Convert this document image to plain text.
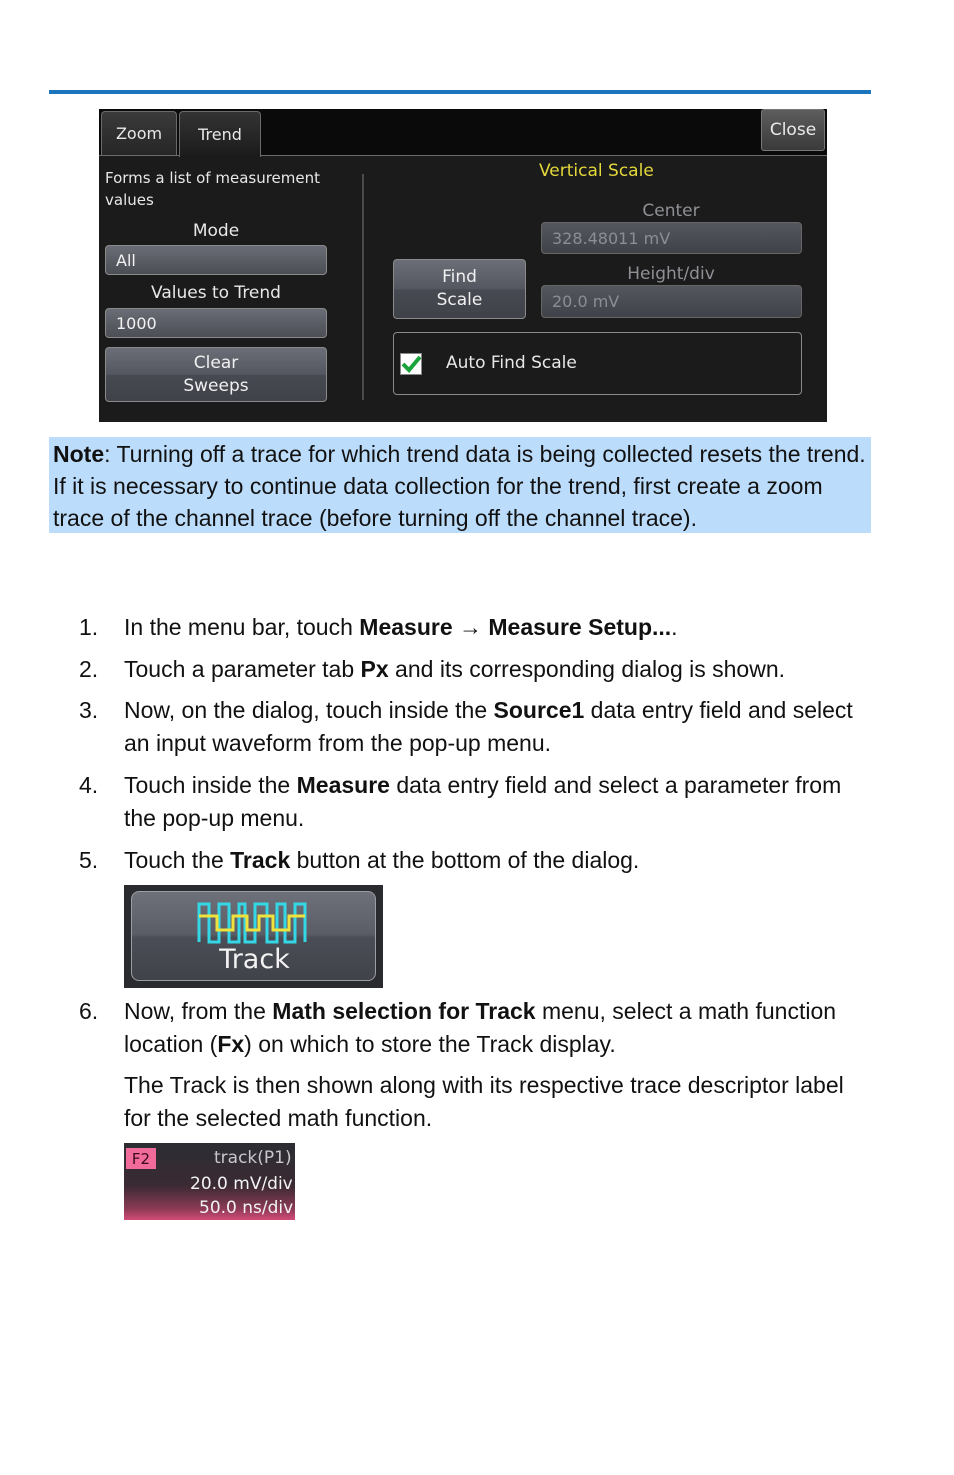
Zoom	Trend	Close
Forms a list of measurement values
Mode
All
Values to Trend
1000
Clear
Sweeps
Find
Scale
Vertical Scale
Center
328.48011 mV
Height/div
20.0 mV
Auto Find Scale
Note: Turning off a trace for which trend data is being collected resets the trend. If it is necessary to continue data collection for the trend, first create a zoom trace of the channel trace (before turning off the channel trace).
1.	In the menu bar, touch Measure → Measure Setup....
2.	Touch a parameter tab Px and its corresponding dialog is shown.
3.	Now, on the dialog, touch inside the Source1 data entry field and select an input waveform from the pop-up menu.
4.	Touch inside the Measure data entry field and select a parameter from the pop-up menu.
5.	Touch the Track button at the bottom of the dialog.
Track
6.	Now, from the Math selection for Track menu, select a math function location (Fx) on which to store the Track display.
The Track is then shown along with its respective trace descriptor label for the selected math function.
F2	track(P1)
20.0 mV/div
50.0 ns/div
